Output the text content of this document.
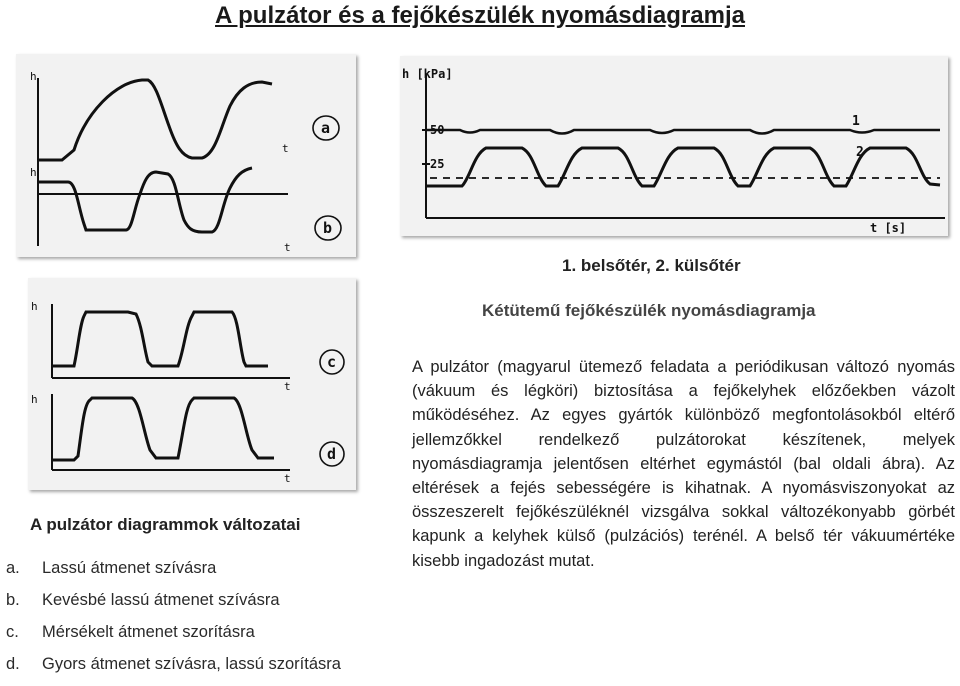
A pulzátor és a fejőkészülék nyomásdiagramja
h
t
h
t
a
b
h
t
h
t
c
d
h [kPa]
50
25
1
2
t [s]
1. belsőtér, 2. külsőtér
Kétütemű fejőkészülék nyomásdiagramja

A pulzátor (magyarul ütemező feladata a periódikusan változó nyomás (vákuum és légköri) biztosítása a fejőkelyhek előzőekben vázolt működéséhez. Az egyes gyártók különböző megfontolásokból eltérő jellemzőkkel rendelkező pulzátorokat készítenek, melyek nyomásdiagramja jelentősen eltérhet egymástól (bal oldali ábra). Az eltérések a fejés sebességére is kihatnak. A nyomásviszonyokat az összeszerelt fejőkészüléknél vizsgálva sokkal változékonyabb görbét kapunk a kelyhek külső (pulzációs) terénél. A belső tér vákuumértéke kisebb ingadozást mutat.

A pulzátor diagrammok változatai
a. Lassú átmenet szívásra
b. Kevésbé lassú átmenet szívásra
c. Mérsékelt átmenet szorításra
d. Gyors átmenet szívásra, lassú szorításra
